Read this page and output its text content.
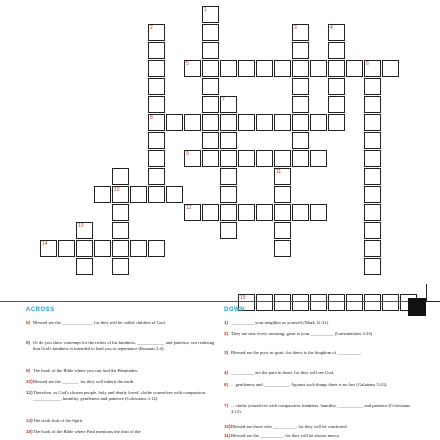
1
2
8
3	4
6
7
10
11
13
5
9
12
14
15
ACROSS	DOWN
5) Blessed are the _____________, for they will be called children of God.
8) Or do you show contempt for the riches of his kindness, ____________ and patience, not realizing that God's kindness is intended to lead you to repentance (Romans 2:4).
9) The book of the Bible where you can find the Beatitudes.
10) Blessed are the _______, for they will inherit the earth.
12) Therefore, as God's chosen people, holy and dearly loved, clothe yourselves with compassion, ____________, humility, gentleness and patience (Colossians 3:12).
14) The sixth fruit of the Spirit.
15) The book of the Bible where Paul mentions the fruit of the
1) __________ your neighbor as yourself (Mark 12:31).
2) They are new every morning; great is your __________ (Lamentations 3:23).
3) Blessed are the poor in spirit, for theirs is the kingdom of __________.
4) __________ are the pure in heart, for they will see God.
6) ... gentleness and ___________. Against such things there is no law (Galatians 5:23).
7) ... clothe yourselves with compassion, kindness, humility, ___________ and patience (Colossians 3:12).
10) Blessed are those who __________, for they will be comforted.
11) Blessed are the __________, for they will be shown mercy.
